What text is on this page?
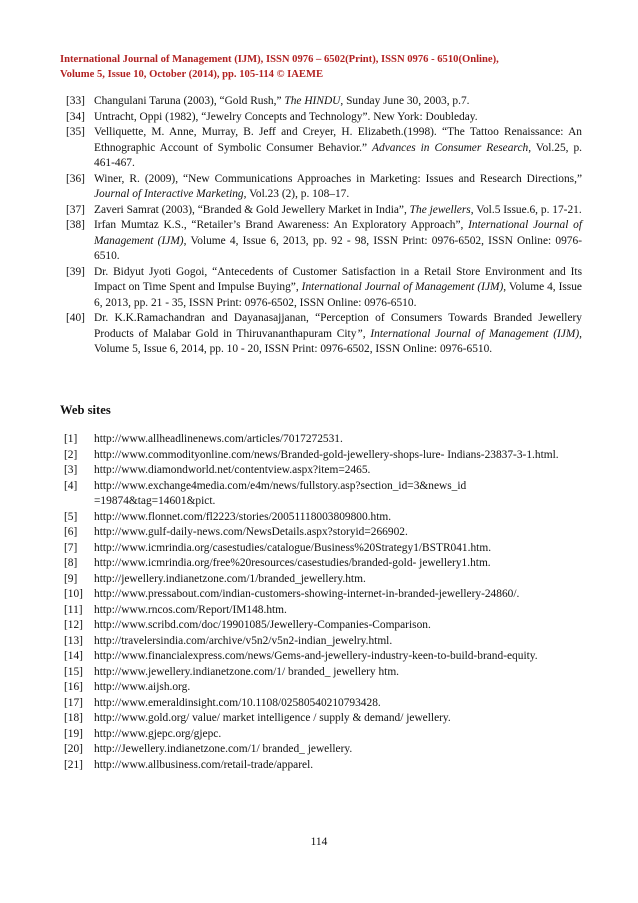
International Journal of Management (IJM), ISSN 0976 – 6502(Print), ISSN 0976 - 6510(Online),
Volume 5, Issue 10, October (2014), pp. 105-114 © IAEME
[33] Changulani Taruna (2003), “Gold Rush,” The HINDU, Sunday June 30, 2003, p.7.
[34] Untracht, Oppi (1982), “Jewelry Concepts and Technology”. New York: Doubleday.
[35] Velliquette, M. Anne, Murray, B. Jeff and Creyer, H. Elizabeth.(1998). “The Tattoo Renaissance: An Ethnographic Account of Symbolic Consumer Behavior.” Advances in Consumer Research, Vol.25, p. 461-467.
[36] Winer, R. (2009), “New Communications Approaches in Marketing: Issues and Research Directions,” Journal of Interactive Marketing, Vol.23 (2), p. 108–17.
[37] Zaveri Samrat (2003), “Branded & Gold Jewellery Market in India”, The jewellers, Vol.5 Issue.6, p. 17-21.
[38] Irfan Mumtaz K.S., “Retailer’s Brand Awareness: An Exploratory Approach”, International Journal of Management (IJM), Volume 4, Issue 6, 2013, pp. 92 - 98, ISSN Print: 0976-6502, ISSN Online: 0976-6510.
[39] Dr. Bidyut Jyoti Gogoi, “Antecedents of Customer Satisfaction in a Retail Store Environment and Its Impact on Time Spent and Impulse Buying”, International Journal of Management (IJM), Volume 4, Issue 6, 2013, pp. 21 - 35, ISSN Print: 0976-6502, ISSN Online: 0976-6510.
[40] Dr. K.K.Ramachandran and Dayanasajjanan, “Perception of Consumers Towards Branded Jewellery Products of Malabar Gold in Thiruvananthapuram City”, International Journal of Management (IJM), Volume 5, Issue 6, 2014, pp. 10 - 20, ISSN Print: 0976-6502, ISSN Online: 0976-6510.
Web sites
[1]	http://www.allheadlinenews.com/articles/7017272531.
[2]	http://www.commodityonline.com/news/Branded-gold-jewellery-shops-lure- Indians-23837-3-1.html.
[3]	http://www.diamondworld.net/contentview.aspx?item=2465.
[4]	http://www.exchange4media.com/e4m/news/fullstory.asp?section_id=3&news_id =19874&tag=14601&pict.
[5]	http://www.flonnet.com/fl2223/stories/20051118003809800.htm.
[6]	http://www.gulf-daily-news.com/NewsDetails.aspx?storyid=266902.
[7]	http://www.icmrindia.org/casestudies/catalogue/Business%20Strategy1/BSTR041.htm.
[8]	http://www.icmrindia.org/free%20resources/casestudies/branded-gold- jewellery1.htm.
[9]	http://jewellery.indianetzone.com/1/branded_jewellery.htm.
[10] http://www.pressabout.com/indian-customers-showing-internet-in-branded-jewellery-24860/.
[11]	http://www.rncos.com/Report/IM148.htm.
[12] http://www.scribd.com/doc/19901085/Jewellery-Companies-Comparison.
[13] http://travelersindia.com/archive/v5n2/v5n2-indian_jewelry.html.
[14] http://www.financialexpress.com/news/Gems-and-jewellery-industry-keen-to-build-brand-equity.
[15] http://www.jewellery.indianetzone.com/1/ branded_ jewellery htm.
[16] http://www.aijsh.org.
[17] http://www.emeraldinsight.com/10.1108/02580540210793428.
[18] http://www.gold.org/ value/ market intelligence / supply & demand/ jewellery.
[19] http://www.gjepc.org/gjepc.
[20] http://Jewellery.indianetzone.com/1/ branded_ jewellery.
[21] http://www.allbusiness.com/retail-trade/apparel.
114
